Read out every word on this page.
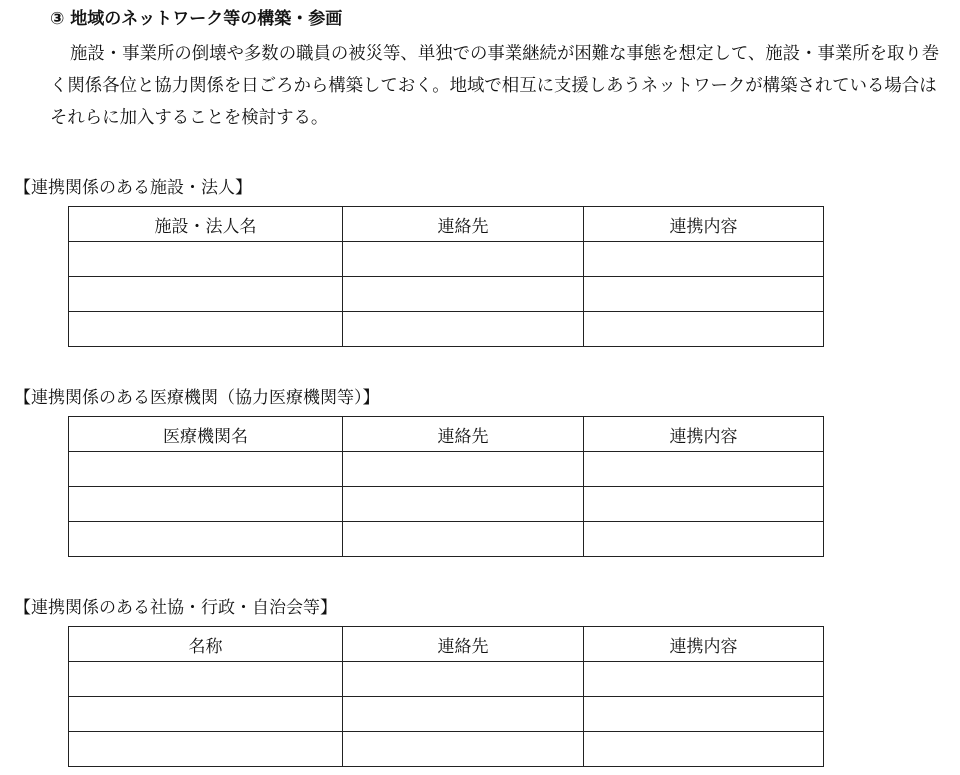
③ 地域のネットワーク等の構築・参画
施設・事業所の倒壊や多数の職員の被災等、単独での事業継続が困難な事態を想定して、施設・事業所を取り巻く関係各位と協力関係を日ごろから構築しておく。地域で相互に支援しあうネットワークが構築されている場合はそれらに加入することを検討する。
【連携関係のある施設・法人】
施設・法人名	連絡先	連携内容

【連携関係のある医療機関（協力医療機関等）】
医療機関名	連絡先	連携内容

【連携関係のある社協・行政・自治会等】
名称	連絡先	連携内容
